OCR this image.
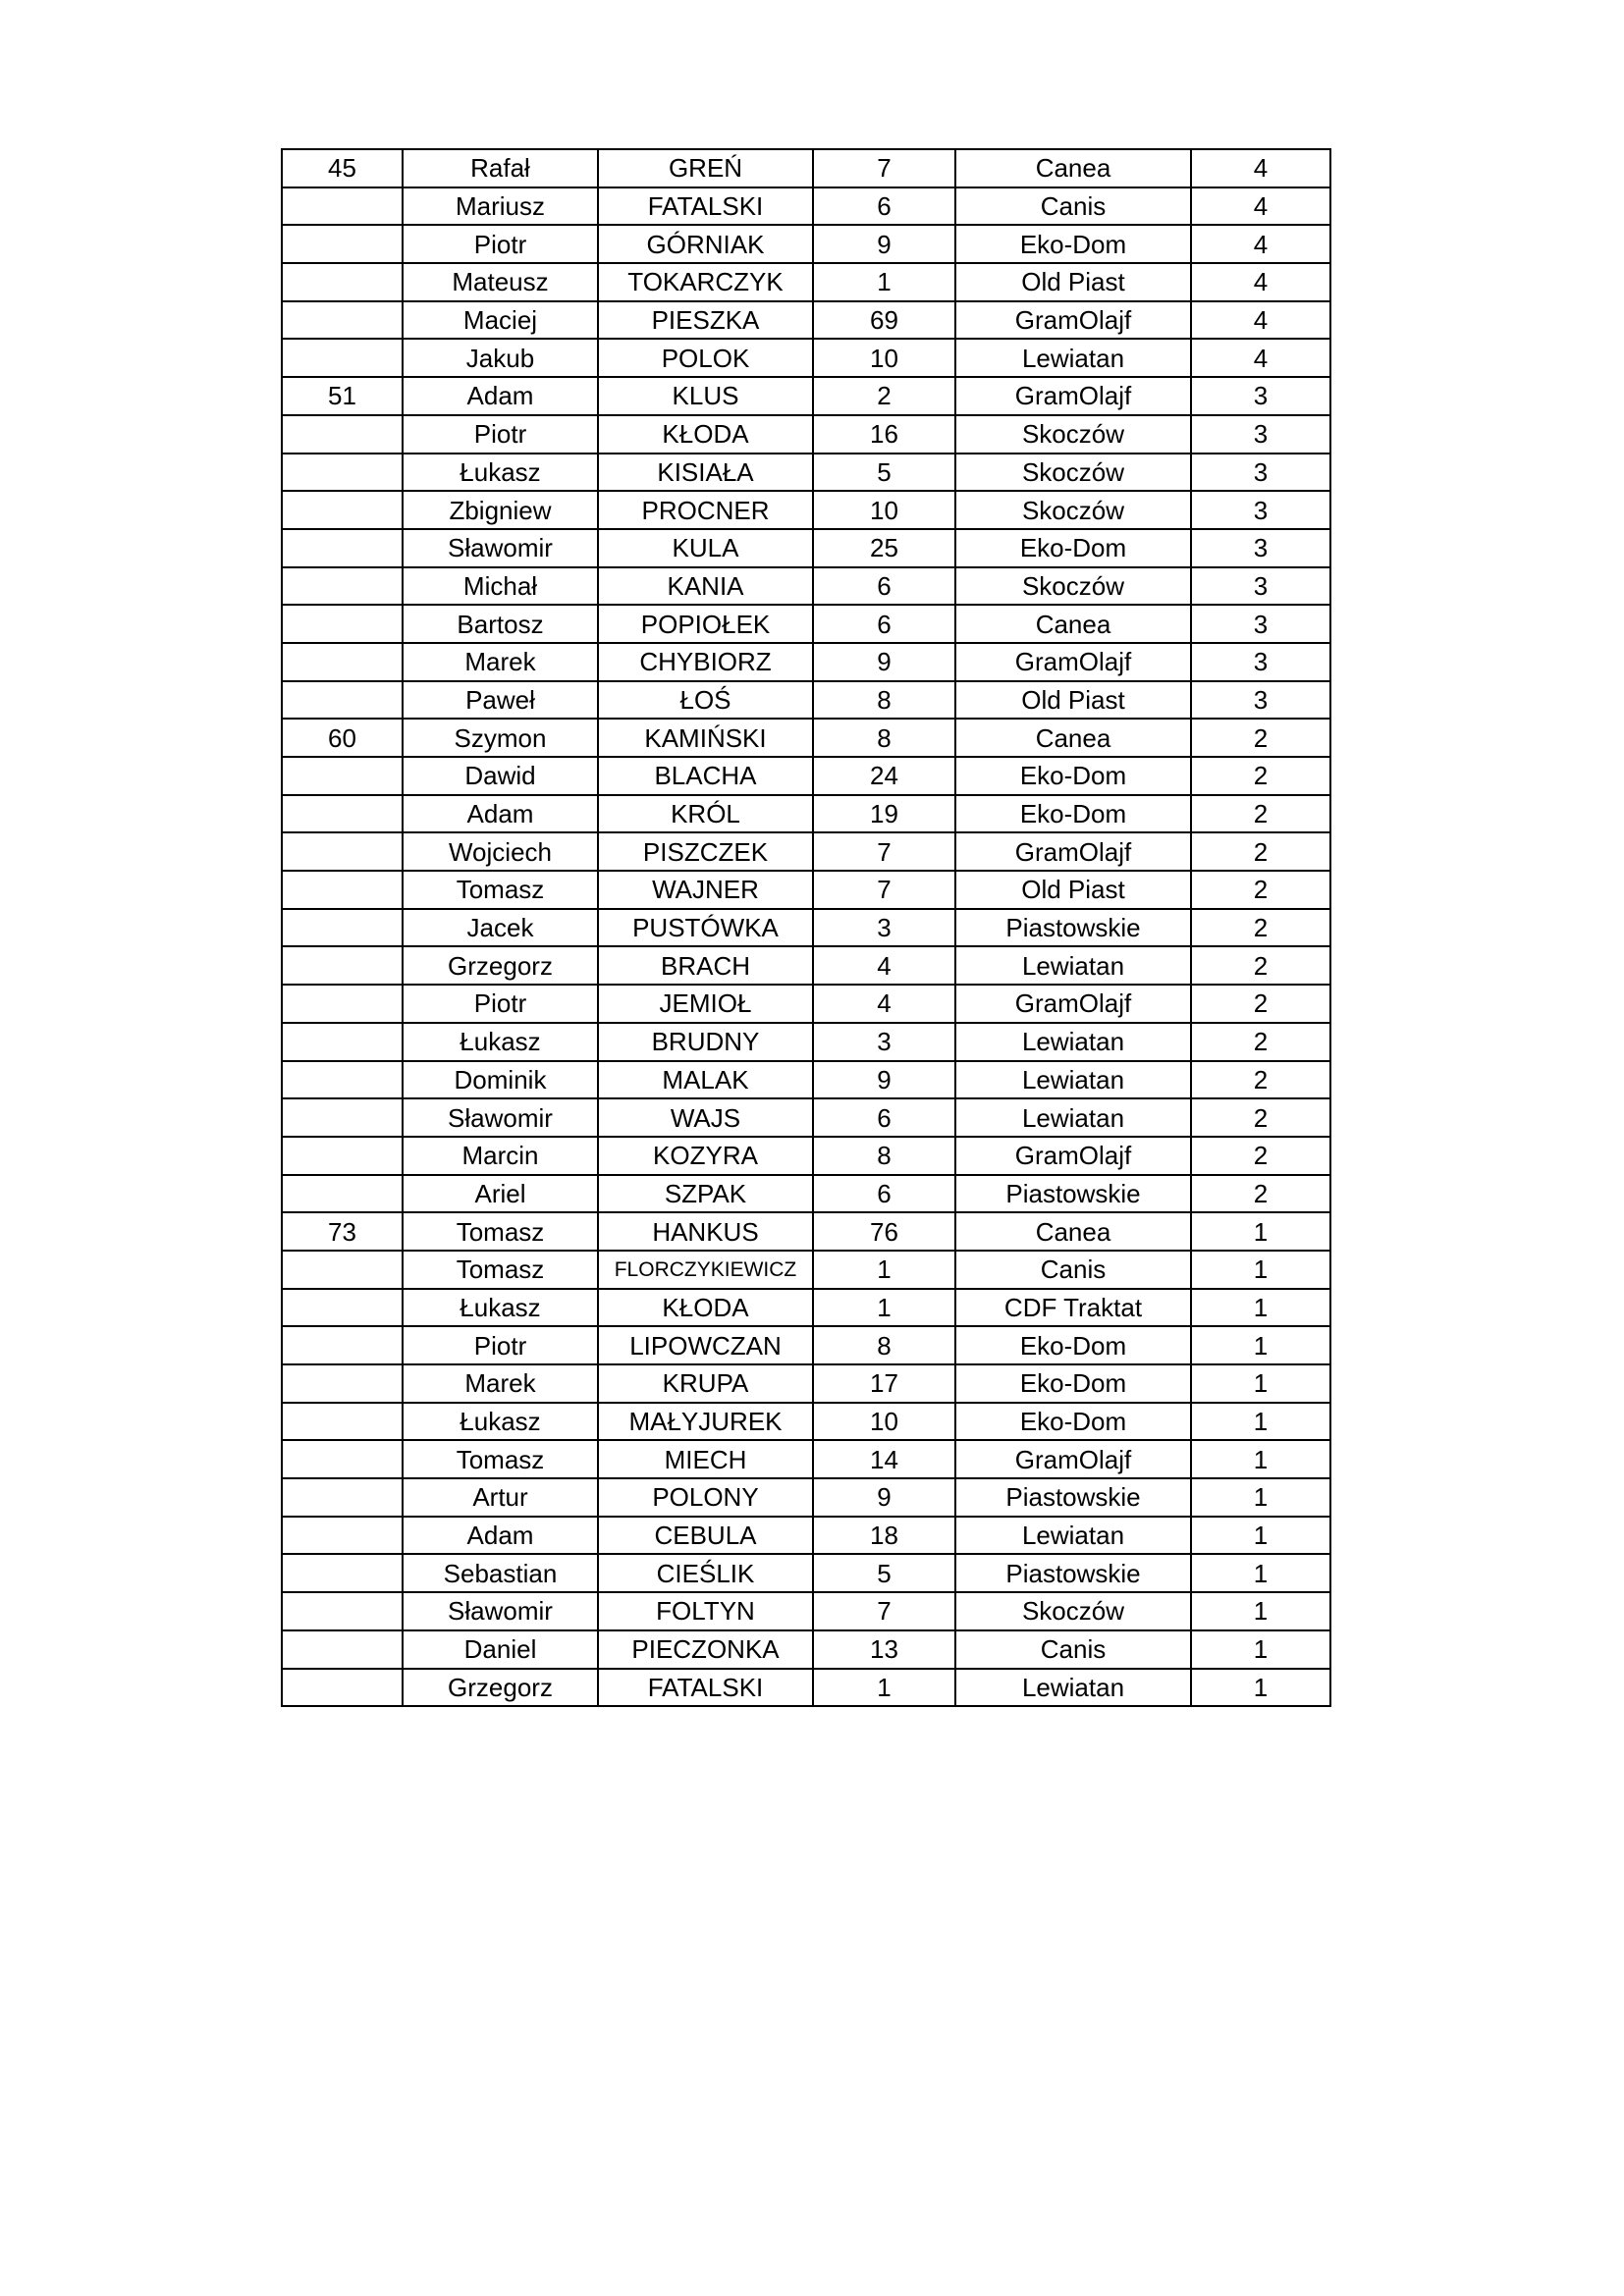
45	Rafał	GREŃ	7	Canea	4
	Mariusz	FATALSKI	6	Canis	4
	Piotr	GÓRNIAK	9	Eko-Dom	4
	Mateusz	TOKARCZYK	1	Old Piast	4
	Maciej	PIESZKA	69	GramOlajf	4
	Jakub	POLOK	10	Lewiatan	4
51	Adam	KLUS	2	GramOlajf	3
	Piotr	KŁODA	16	Skoczów	3
	Łukasz	KISIAŁA	5	Skoczów	3
	Zbigniew	PROCNER	10	Skoczów	3
	Sławomir	KULA	25	Eko-Dom	3
	Michał	KANIA	6	Skoczów	3
	Bartosz	POPIOŁEK	6	Canea	3
	Marek	CHYBIORZ	9	GramOlajf	3
	Paweł	ŁOŚ	8	Old Piast	3
60	Szymon	KAMIŃSKI	8	Canea	2
	Dawid	BLACHA	24	Eko-Dom	2
	Adam	KRÓL	19	Eko-Dom	2
	Wojciech	PISZCZEK	7	GramOlajf	2
	Tomasz	WAJNER	7	Old Piast	2
	Jacek	PUSTÓWKA	3	Piastowskie	2
	Grzegorz	BRACH	4	Lewiatan	2
	Piotr	JEMIOŁ	4	GramOlajf	2
	Łukasz	BRUDNY	3	Lewiatan	2
	Dominik	MALAK	9	Lewiatan	2
	Sławomir	WAJS	6	Lewiatan	2
	Marcin	KOZYRA	8	GramOlajf	2
	Ariel	SZPAK	6	Piastowskie	2
73	Tomasz	HANKUS	76	Canea	1
	Tomasz	FLORCZYKIEWICZ	1	Canis	1
	Łukasz	KŁODA	1	CDF Traktat	1
	Piotr	LIPOWCZAN	8	Eko-Dom	1
	Marek	KRUPA	17	Eko-Dom	1
	Łukasz	MAŁYJUREK	10	Eko-Dom	1
	Tomasz	MIECH	14	GramOlajf	1
	Artur	POLONY	9	Piastowskie	1
	Adam	CEBULA	18	Lewiatan	1
	Sebastian	CIEŚLIK	5	Piastowskie	1
	Sławomir	FOLTYN	7	Skoczów	1
	Daniel	PIECZONKA	13	Canis	1
	Grzegorz	FATALSKI	1	Lewiatan	1
